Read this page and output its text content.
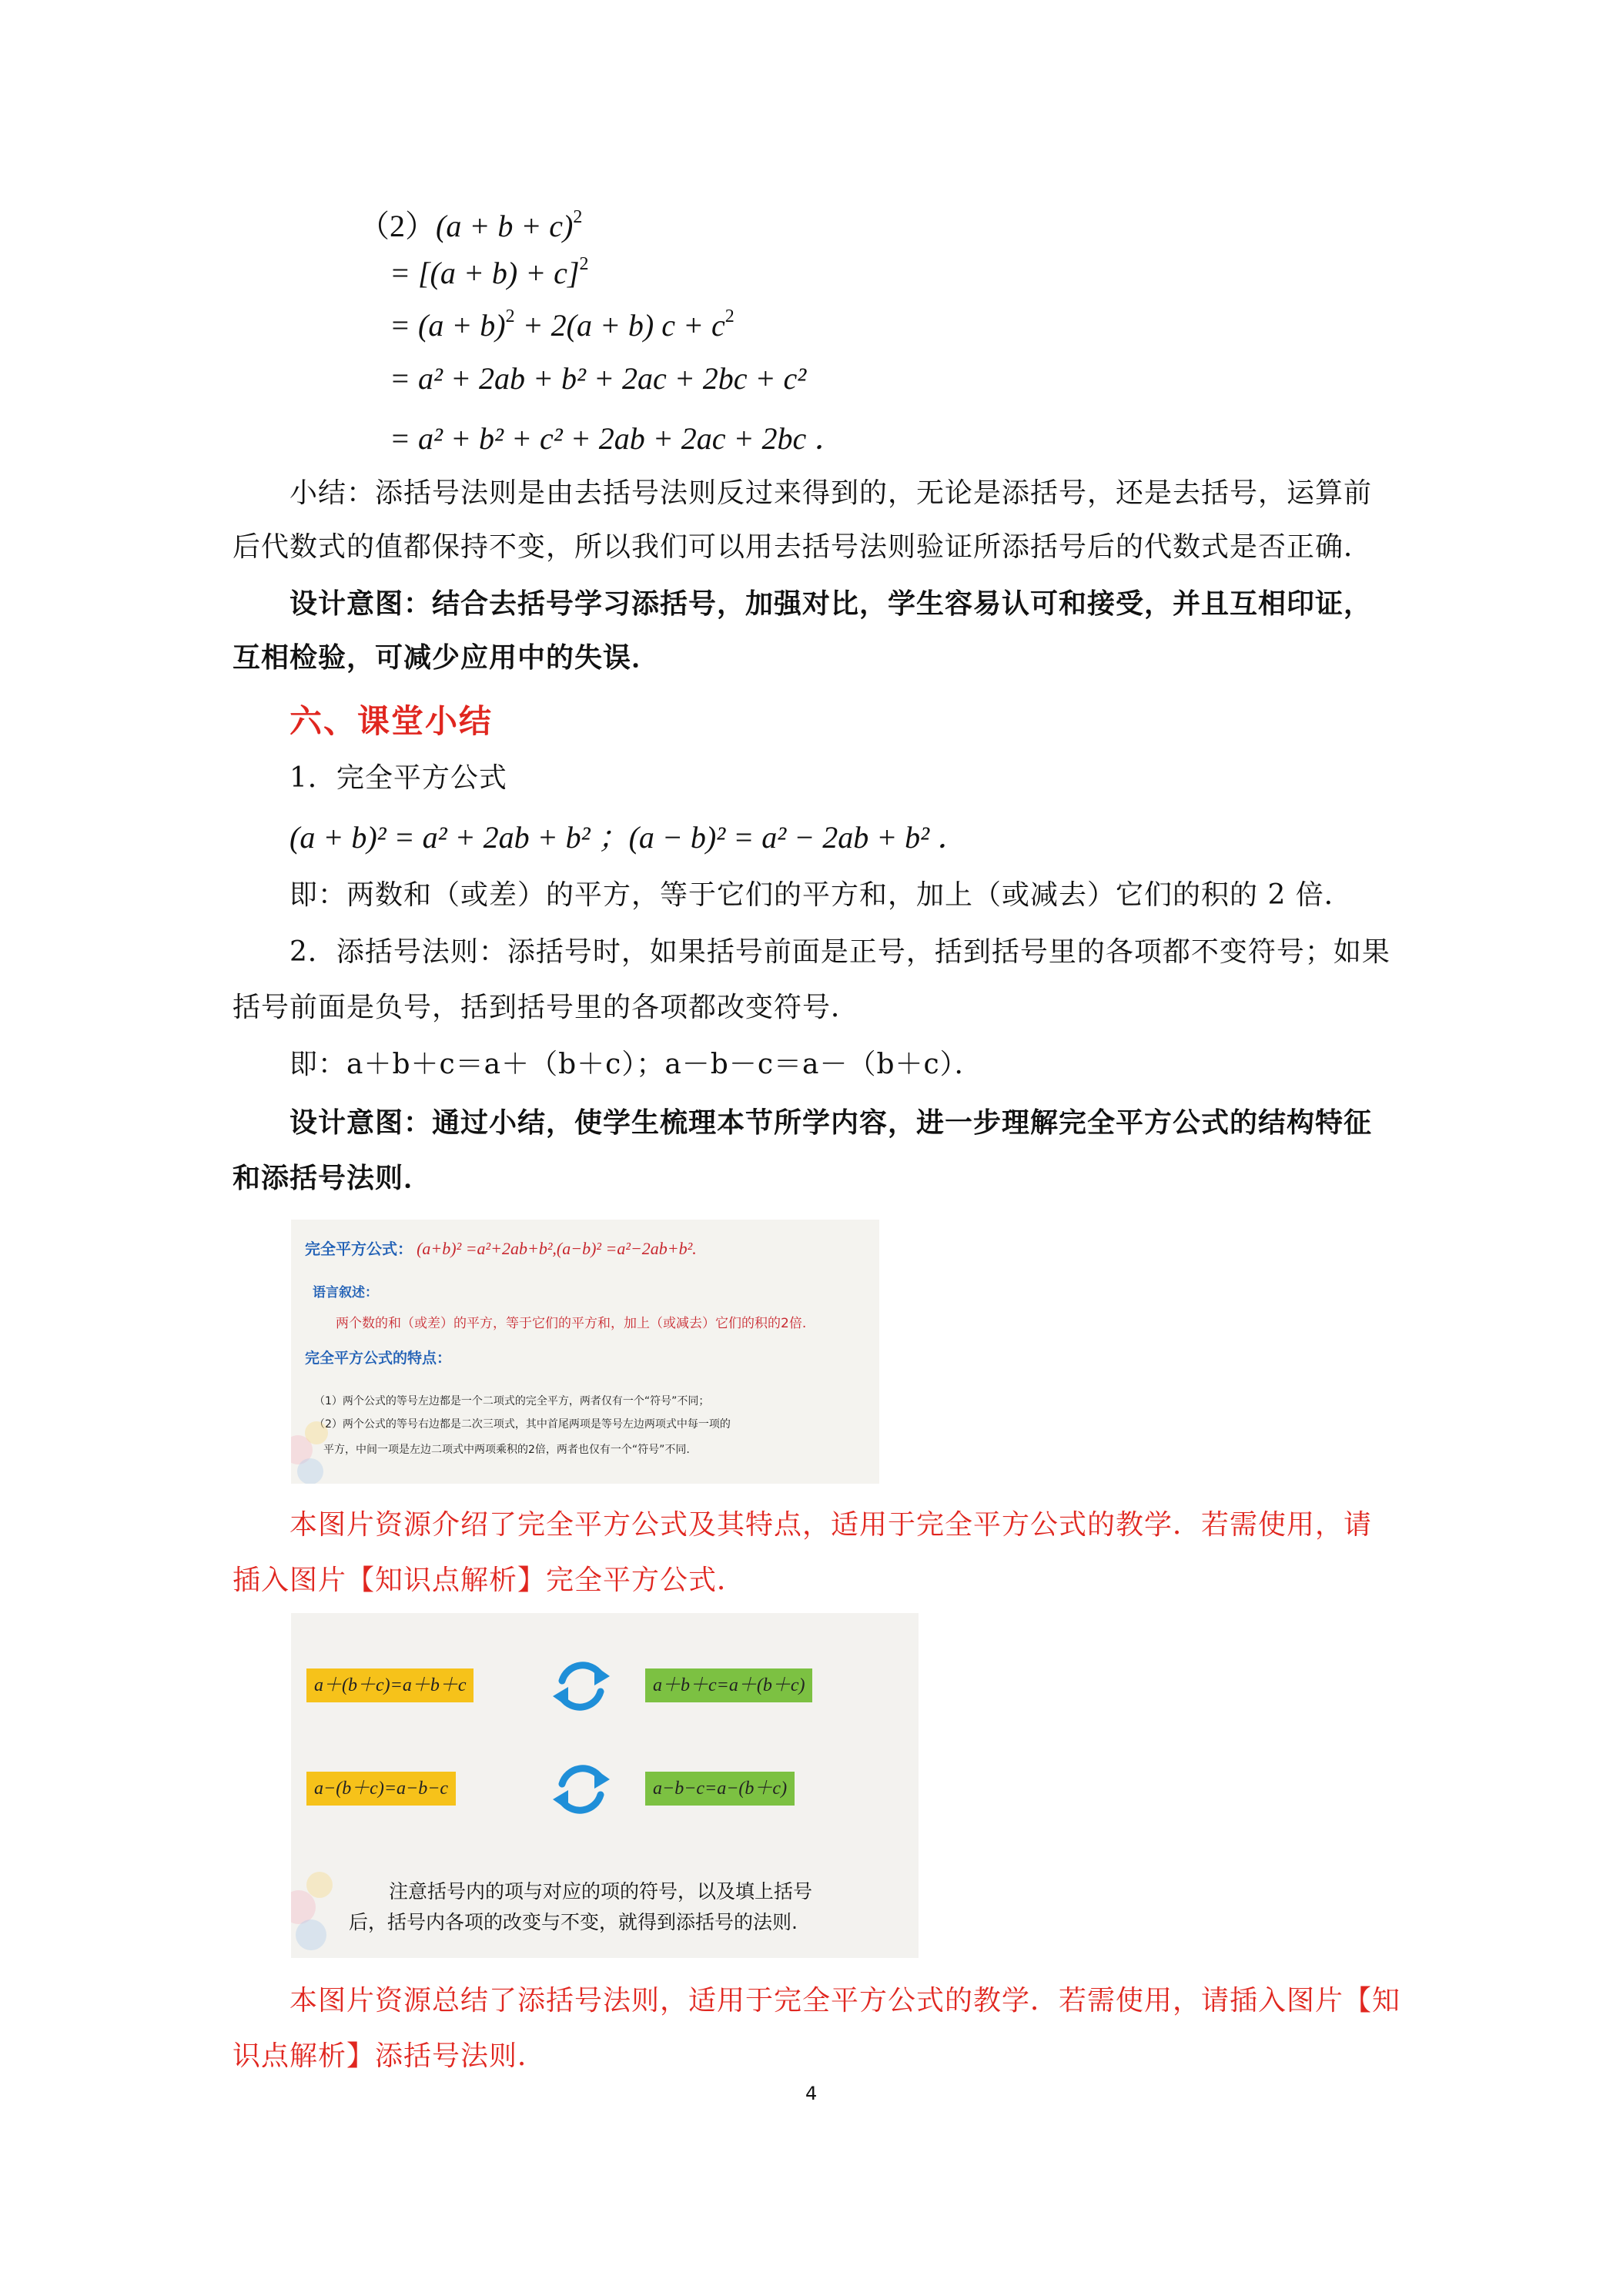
$(2)(a + b + c)^2$
= $[(a + b) + c]^2$
= $(a + b)^2 + 2(a + b)$ $c + c^2$
= a² + 2ab + b² + 2ac + 2bc + c²
= a² + b² + c² + 2ab + 2ac + 2bc ．
小结：添括号法则是由去括号法则反过来得到的，无论是添括号，还是去括号，运算前
后代数式的值都保持不变，所以我们可以用去括号法则验证所添括号后的代数式是否正确．
设计意图：结合去括号学习添括号，加强对比，学生容易认可和接受，并且互相印证，
互相检验，可减少应用中的失误．
六、课堂小结
1．完全平方公式
(a + b)² = a² + 2ab + b² ；(a − b)² = a² − 2ab + b² ．
即：两数和（或差）的平方，等于它们的平方和，加上（或减去）它们的积的 2 倍．
2．添括号法则：添括号时，如果括号前面是正号，括到括号里的各项都不变符号；如果
括号前面是负号，括到括号里的各项都改变符号．
即：a＋b＋c＝a＋（b＋c）；a－b－c＝a－（b＋c）．
设计意图：通过小结，使学生梳理本节所学内容，进一步理解完全平方公式的结构特征
和添括号法则．
完全平方公式： (a+b)² =a²+2ab+b²,(a−b)² =a²−2ab+b².
语言叙述：
两个数的和（或差）的平方，等于它们的平方和，加上（或减去）它们的积的2倍.
完全平方公式的特点：
（1）两个公式的等号左边都是一个二项式的完全平方，两者仅有一个“符号”不同；
（2）两个公式的等号右边都是二次三项式，其中首尾两项是等号左边两项式中每一项的
平方，中间一项是左边二项式中两项乘积的2倍，两者也仅有一个“符号”不同.
本图片资源介绍了完全平方公式及其特点，适用于完全平方公式的教学．若需使用，请
插入图片【知识点解析】完全平方公式．
a＋(b＋c)=a＋b＋c	a＋b＋c=a＋(b＋c)
a−(b＋c)=a−b−c	a−b−c=a−(b＋c)
注意括号内的项与对应的项的符号，以及填上括号
后，括号内各项的改变与不变，就得到添括号的法则.
本图片资源总结了添括号法则，适用于完全平方公式的教学．若需使用，请插入图片【知
识点解析】添括号法则．
4
